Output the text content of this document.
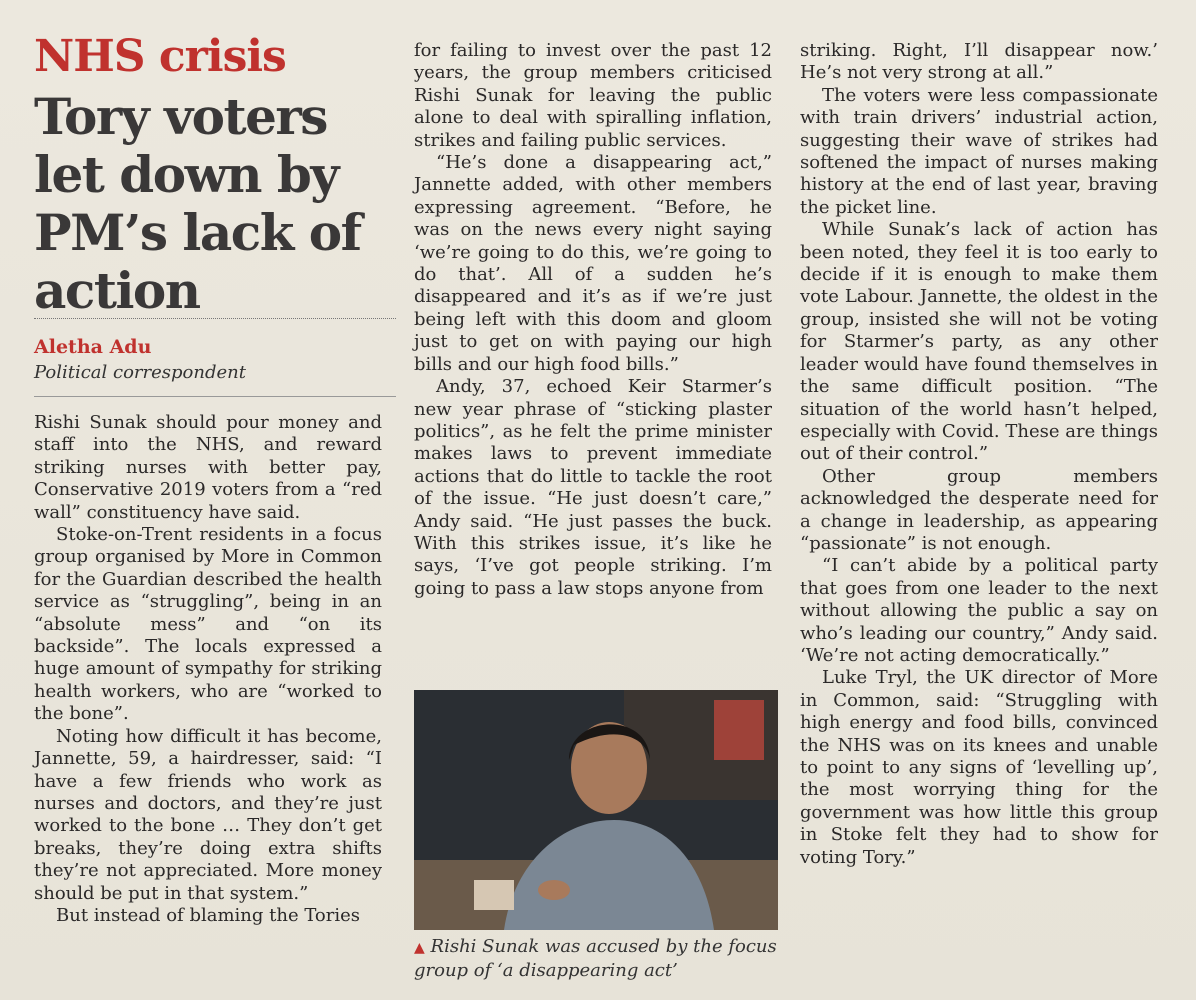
NHS crisis
Tory voters let down by PM’s lack of action
Aletha Adu
Political correspondent

Rishi Sunak should pour money and staff into the NHS, and reward striking nurses with better pay, Conservative 2019 voters from a “red wall” constituency have said.

Stoke-on-Trent residents in a focus group organised by More in Common for the Guardian described the health service as “struggling”, being in an “absolute mess” and “on its backside”. The locals expressed a huge amount of sympathy for striking health workers, who are “worked to the bone”.

Noting how difficult it has become, Jannette, 59, a hairdresser, said: “I have a few friends who work as nurses and doctors, and they’re just worked to the bone … They don’t get breaks, they’re doing extra shifts they’re not appreciated. More money should be put in that system.”

But instead of blaming the Tories

for failing to invest over the past 12 years, the group members criticised Rishi Sunak for leaving the public alone to deal with spiralling inflation, strikes and failing public services.

“He’s done a disappearing act,” Jannette added, with other members expressing agreement. “Before, he was on the news every night saying ‘we’re going to do this, we’re going to do that’. All of a sudden he’s disappeared and it’s as if we’re just being left with this doom and gloom just to get on with paying our high bills and our high food bills.”

Andy, 37, echoed Keir Starmer’s new year phrase of “sticking plaster politics”, as he felt the prime minister makes laws to prevent immediate actions that do little to tackle the root of the issue. “He just doesn’t care,” Andy said. “He just passes the buck. With this strikes issue, it’s like he says, ‘I’ve got people striking. I’m going to pass a law stops anyone from

▲ Rishi Sunak was accused by the focus group of ‘a disappearing act’

striking. Right, I’ll disappear now.’ He’s not very strong at all.”

The voters were less compassionate with train drivers’ industrial action, suggesting their wave of strikes had softened the impact of nurses making history at the end of last year, braving the picket line.

While Sunak’s lack of action has been noted, they feel it is too early to decide if it is enough to make them vote Labour. Jannette, the oldest in the group, insisted she will not be voting for Starmer’s party, as any other leader would have found themselves in the same difficult position. “The situation of the world hasn’t helped, especially with Covid. These are things out of their control.”

Other group members acknowledged the desperate need for a change in leadership, as appearing “passionate” is not enough.

“I can’t abide by a political party that goes from one leader to the next without allowing the public a say on who’s leading our country,” Andy said. ‘We’re not acting democratically.”

Luke Tryl, the UK director of More in Common, said: “Struggling with high energy and food bills, convinced the NHS was on its knees and unable to point to any signs of ‘levelling up’, the most worrying thing for the government was how little this group in Stoke felt they had to show for voting Tory.”
